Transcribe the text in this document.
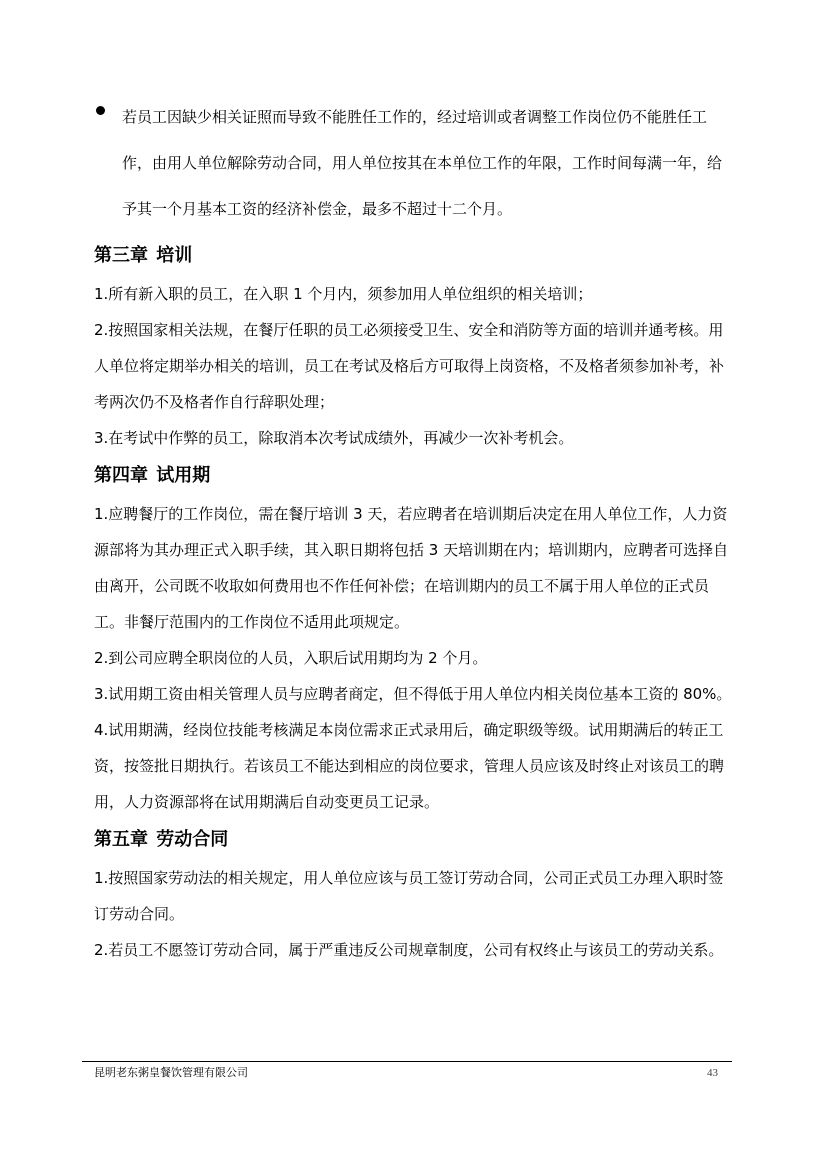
若员工因缺少相关证照而导致不能胜任工作的，经过培训或者调整工作岗位仍不能胜任工作，由用人单位解除劳动合同，用人单位按其在本单位工作的年限，工作时间每满一年，给予其一个月基本工资的经济补偿金，最多不超过十二个月。
第三章 培训

1.所有新入职的员工，在入职 1 个月内，须参加用人单位组织的相关培训；

2.按照国家相关法规，在餐厅任职的员工必须接受卫生、安全和消防等方面的培训并通考核。用人单位将定期举办相关的培训，员工在考试及格后方可取得上岗资格，不及格者须参加补考，补考两次仍不及格者作自行辞职处理；

3.在考试中作弊的员工，除取消本次考试成绩外，再减少一次补考机会。

第四章 试用期

1.应聘餐厅的工作岗位，需在餐厅培训 3 天，若应聘者在培训期后决定在用人单位工作，人力资源部将为其办理正式入职手续，其入职日期将包括 3 天培训期在内；培训期内，应聘者可选择自由离开，公司既不收取如何费用也不作任何补偿；在培训期内的员工不属于用人单位的正式员工。非餐厅范围内的工作岗位不适用此项规定。

2.到公司应聘全职岗位的人员，入职后试用期均为 2 个月。

3.试用期工资由相关管理人员与应聘者商定，但不得低于用人单位内相关岗位基本工资的 80%。

4.试用期满，经岗位技能考核满足本岗位需求正式录用后，确定职级等级。试用期满后的转正工资，按签批日期执行。若该员工不能达到相应的岗位要求，管理人员应该及时终止对该员工的聘用，人力资源部将在试用期满后自动变更员工记录。

第五章 劳动合同

1.按照国家劳动法的相关规定，用人单位应该与员工签订劳动合同，公司正式员工办理入职时签订劳动合同。

2.若员工不愿签订劳动合同，属于严重违反公司规章制度，公司有权终止与该员工的劳动关系。

昆明老东粥皇餐饮管理有限公司	43
